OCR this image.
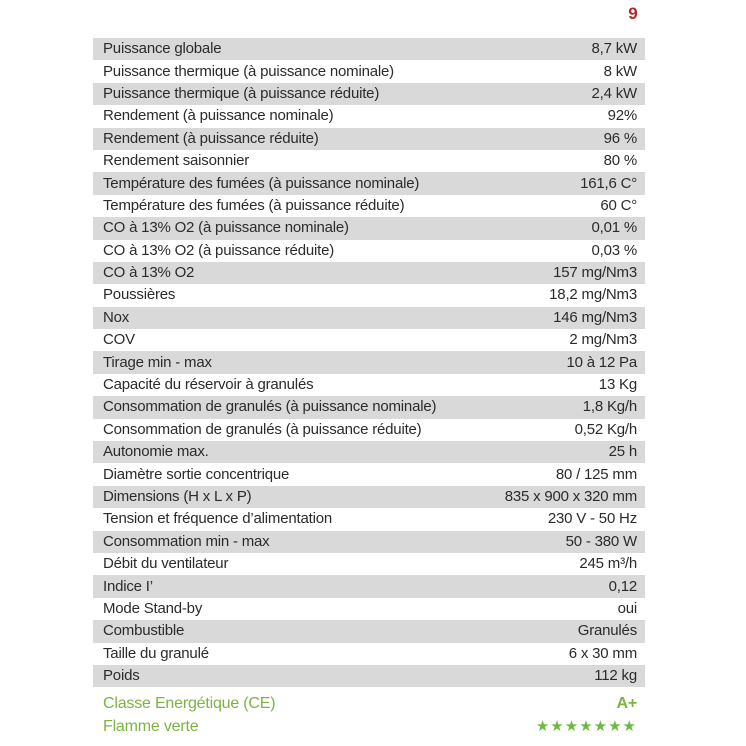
9
Puissance globale	8,7 kW
Puissance thermique (à puissance nominale)	8 kW
Puissance thermique (à puissance réduite)	2,4 kW
Rendement (à puissance nominale)	92%
Rendement (à puissance réduite)	96 %
Rendement saisonnier	80 %
Température des fumées (à puissance nominale)	161,6 C°
Température des fumées (à puissance réduite)	60 C°
CO à 13% O2 (à puissance nominale)	0,01 %
CO à 13% O2 (à puissance réduite)	0,03 %
CO à 13% O2	157 mg/Nm3
Poussières	18,2 mg/Nm3
Nox	146 mg/Nm3
COV	2 mg/Nm3
Tirage min - max	10 à 12 Pa
Capacité du réservoir à granulés	13 Kg
Consommation de granulés (à puissance nominale)	1,8 Kg/h
Consommation de granulés (à puissance réduite)	0,52 Kg/h
Autonomie max.	25 h
Diamètre sortie concentrique	80 / 125 mm
Dimensions (H x L x P)	835 x 900 x 320 mm
Tension et fréquence d’alimentation	230 V - 50 Hz
Consommation min - max	50 - 380 W
Débit du ventilateur	245 m³/h
Indice I’	0,12
Mode Stand-by	oui
Combustible	Granulés
Taille du granulé	6 x 30 mm
Poids	112 kg
Classe Energétique (CE)	A+
Flamme verte	★★★★★★★
